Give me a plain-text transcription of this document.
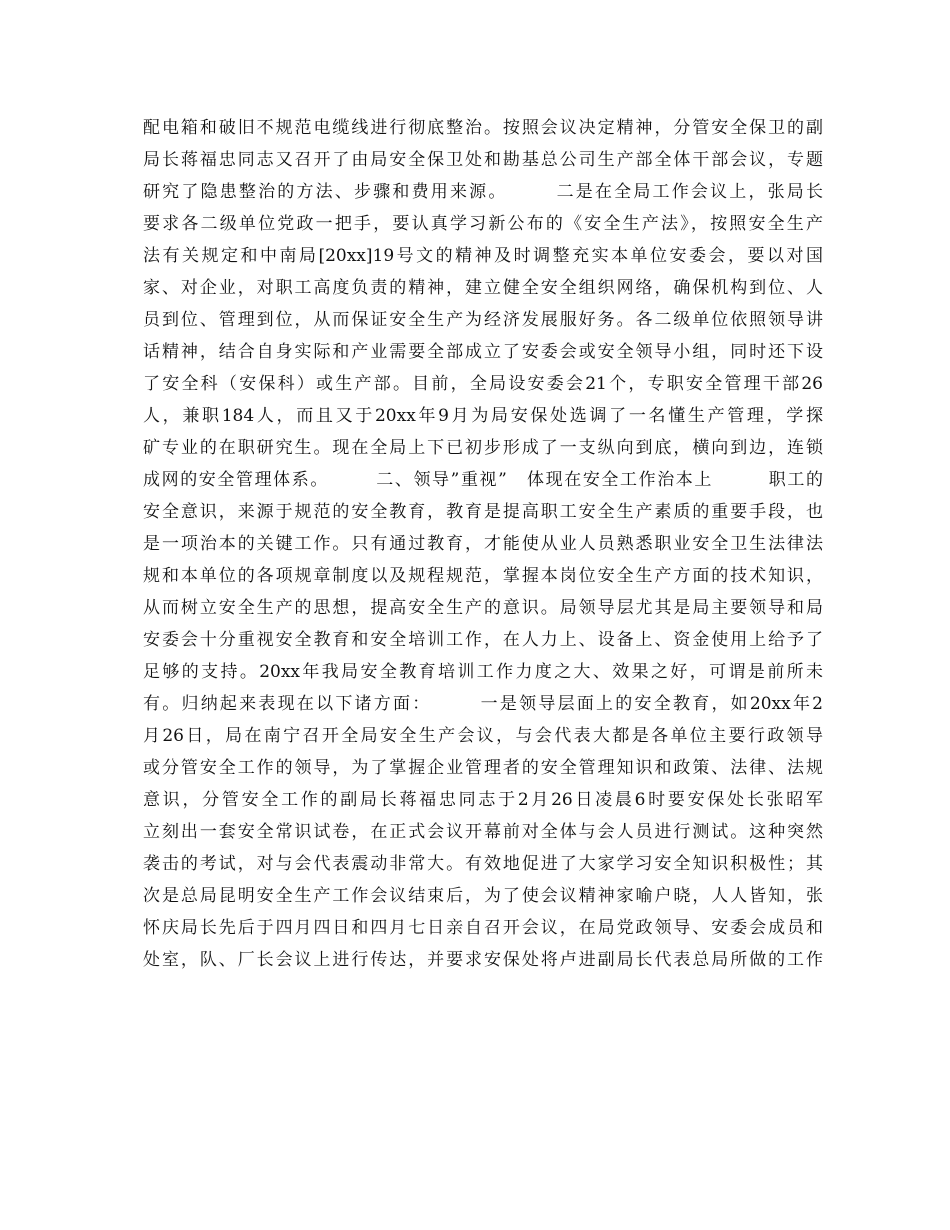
配电箱和破旧不规范电缆线进行彻底整治。按照会议决定精神，分管安全保卫的副
局长蒋福忠同志又召开了由局安全保卫处和勘基总公司生产部全体干部会议，专题
研究了隐患整治的方法、步骤和费用来源。　　　二是在全局工作会议上，张局长
要求各二级单位党政一把手，要认真学习新公布的《安全生产法》，按照安全生产
法有关规定和中南局[20xx]19号文的精神及时调整充实本单位安委会，要以对国
家、对企业，对职工高度负责的精神，建立健全安全组织网络，确保机构到位、人
员到位、管理到位，从而保证安全生产为经济发展服好务。各二级单位依照领导讲
话精神，结合自身实际和产业需要全部成立了安委会或安全领导小组，同时还下设
了安全科（安保科）或生产部。目前，全局设安委会21个，专职安全管理干部26
人，兼职184人，而且又于20xx年9月为局安保处选调了一名懂生产管理，学探
矿专业的在职研究生。现在全局上下已初步形成了一支纵向到底，横向到边，连锁
成网的安全管理体系。　　　二、领导”重视”　体现在安全工作治本上　　　职工的
安全意识，来源于规范的安全教育，教育是提高职工安全生产素质的重要手段，也
是一项治本的关键工作。只有通过教育，才能使从业人员熟悉职业安全卫生法律法
规和本单位的各项规章制度以及规程规范，掌握本岗位安全生产方面的技术知识，
从而树立安全生产的思想，提高安全生产的意识。局领导层尤其是局主要领导和局
安委会十分重视安全教育和安全培训工作，在人力上、设备上、资金使用上给予了
足够的支持。20xx年我局安全教育培训工作力度之大、效果之好，可谓是前所未
有。归纳起来表现在以下诸方面：　　　一是领导层面上的安全教育，如20xx年2
月26日，局在南宁召开全局安全生产会议，与会代表大都是各单位主要行政领导
或分管安全工作的领导，为了掌握企业管理者的安全管理知识和政策、法律、法规
意识，分管安全工作的副局长蒋福忠同志于2月26日凌晨6时要安保处长张昭军
立刻出一套安全常识试卷，在正式会议开幕前对全体与会人员进行测试。这种突然
袭击的考试，对与会代表震动非常大。有效地促进了大家学习安全知识积极性；其
次是总局昆明安全生产工作会议结束后，为了使会议精神家喻户晓，人人皆知，张
怀庆局长先后于四月四日和四月七日亲自召开会议，在局党政领导、安委会成员和
处室，队、厂长会议上进行传达，并要求安保处将卢进副局长代表总局所做的工作
